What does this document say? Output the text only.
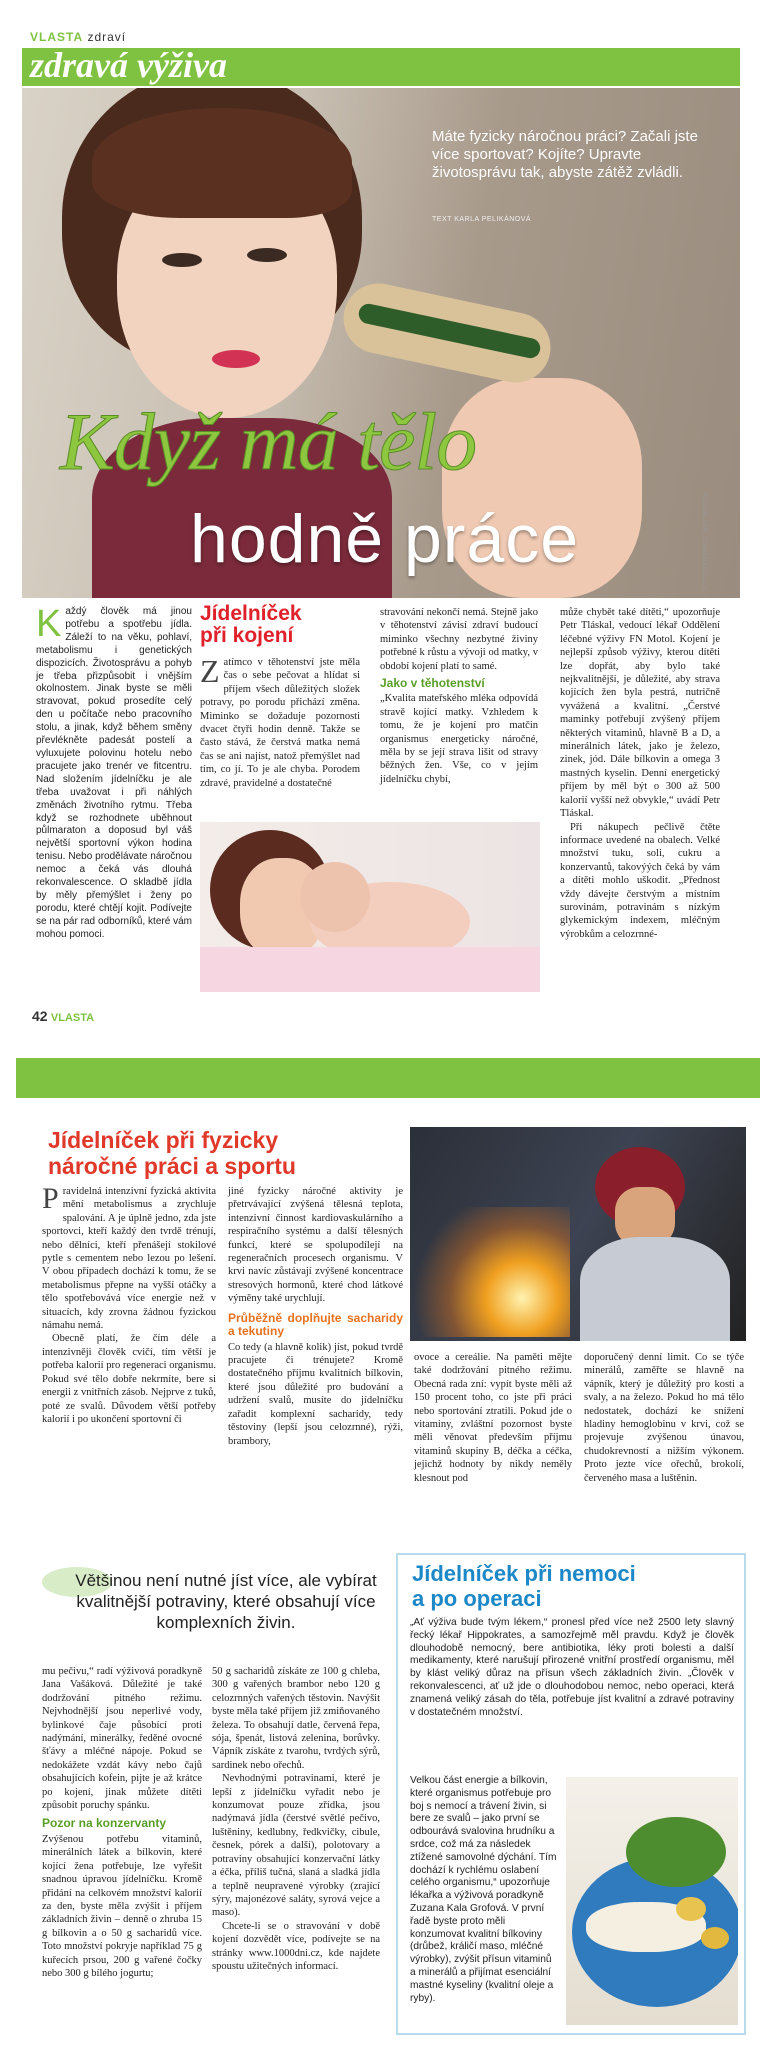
VLASTA zdraví
zdravá výživa
Máte fyzicky náročnou práci? Začali jste více sportovat? Kojíte? Upravte životosprávu tak, abyste zátěž zvládli.
TEXT KARLA PELIKÁNOVÁ
Když má tělo
hodně práce	FOTO PROFIMEDIA.CZ, SHUTTERSTOCK
K aždý člověk má jinou potřebu a spotřebu jídla. Záleží to na věku, pohlaví, metabolismu i genetických dispozicích. Životosprávu a pohyb je třeba přizpůsobit i vnějším okolnostem. Jinak byste se měli stravovat, pokud prosedíte celý den u počítače nebo pracovního stolu, a jinak, když během směny převlékněte padesát postelí a vyluxujete polovinu hotelu nebo pracujete jako trenér ve fitcentru. Nad složením jídelníčku je ale třeba uvažovat i při náhlých změnách životního rytmu. Třeba když se rozhodnete uběhnout půlmaraton a doposud byl váš největší sportovní výkon hodina tenisu. Nebo prodělávate náročnou nemoc a čeká vás dlouhá rekonvalescence. O skladbě jídla by měly přemýšlet i ženy po porodu, které chtějí kojit. Podívejte se na pár rad odborníků, které vám mohou pomoci.
Jídelníček
při kojení
Z atímco v těhotenství jste měla čas o sebe pečovat a hlídat si příjem všech důležitých složek potravy, po porodu přichází změna. Miminko se dožaduje pozornosti dvacet čtyři hodin denně. Takže se často stává, že čerstvá matka nemá čas se ani najíst, natož přemýšlet nad tím, co jí. To je ale chyba. Porodem zdravé, pravidelné a dostatečné

stravování nekončí nemá. Stejně jako v těhotenství závisí zdraví budoucí miminko všechny nezbytné živiny potřebné k růstu a vývoji od matky, v období kojení platí to samé.

Jako v těhotenství

„Kvalita mateřského mléka odpovídá stravě kojící matky. Vzhledem k tomu, že je kojení pro matčin organismus energeticky náročné, měla by se její strava lišit od stravy běžných žen. Vše, co v jejím jídelníčku chybí,

může chybět také dítěti,“ upozorňuje Petr Tláskal, vedoucí lékař Oddělení léčebné výživy FN Motol. Kojení je nejlepší způsob výživy, kterou dítěti lze dopřát, aby bylo také nejkvalitnější, je důležité, aby strava kojících žen byla pestrá, nutričně vyvážená a kvalitní. „Čerstvé maminky potřebují zvýšený příjem některých vitaminů, hlavně B a D, a minerálních látek, jako je železo, zinek, jód. Dále bílkovin a omega 3 mastných kyselin. Denní energetický příjem by měl být o 300 až 500 kalorií vyšší než obvykle,“ uvádí Petr Tláskal.

Při nákupech pečlivě čtěte informace uvedené na obalech. Velké množství tuku, soli, cukru a konzervantů, takovýých čeká by vám a dítěti mohlo uškodit. „Přednost vždy dávejte čerstvým a místním surovinám, potravinám s nízkým glykemickým indexem, mléčným výrobkům a celozrnné-

42 VLASTA
Jídelníček při fyzicky
náročné práci a sportu
P ravidelná intenzivní fyzická aktivita mění metabolismus a zrychluje spalování. A je úplně jedno, zda jste sportovci, kteří každý den tvrdě trénují, nebo dělníci, kteří přenášejí stokilové pytle s cementem nebo lezou po lešení. V obou případech dochází k tomu, že se metabolismus přepne na vyšší otáčky a tělo spotřebovává více energie než v situacích, kdy zrovna žádnou fyzickou námahu nemá.

Obecně platí, že čím déle a intenzivněji člověk cvičí, tím větší je potřeba kalorií pro regeneraci organismu. Pokud své tělo dobře nekrmíte, bere si energii z vnitřních zásob. Nejprve z tuků, poté ze svalů. Důvodem větší potřeby kalorií i po ukončení sportovní či

jiné fyzicky náročné aktivity je přetrvávající zvýšená tělesná teplota, intenzivní činnost kardiovaskulárního a respiračního systému a další tělesných funkcí, které se spolupodílejí na regeneračních procesech organismu. V krvi navíc zůstávají zvýšené koncentrace stresových hormonů, které chod látkové výměny také urychlují.

Průběžně doplňujte sacharidy a tekutiny

Co tedy (a hlavně kolik) jíst, pokud tvrdě pracujete či trénujete? Kromě dostatečného příjmu kvalitních bílkovin, které jsou důležité pro budování a udržení svalů, musíte do jídelníčku zařadit komplexní sacharidy, tedy těstoviny (lepší jsou celozrnné), rýži, brambory,

ovoce a cereálie. Na paměti mějte také dodržování pitného režimu. Obecná rada zní: vypít byste měli až 150 procent toho, co jste při práci nebo sportování ztratili. Pokud jde o vitaminy, zvláštní pozornost byste měli věnovat především příjmu vitaminů skupiny B, déčka a céčka, jejichž hodnoty by nikdy neměly klesnout pod

doporučený denní limit. Co se týče minerálů, zaměřte se hlavně na vápník, který je důležitý pro kosti a svaly, a na železo. Pokud ho má tělo nedostatek, dochází ke snížení hladiny hemoglobinu v krvi, což se projevuje zvýšenou únavou, chudokrevností a nižším výkonem. Proto jezte více ořechů, brokolí, červeného masa a luštěnin.

Většinou není nutné jíst více, ale vybírat kvalitnější potraviny, které obsahují více komplexních živin.

mu pečivu,“ radí výživová poradkyně Jana Vašáková. Důležité je také dodržování pitného režimu. Nejvhodnější jsou neperlivé vody, bylinkové čaje působící proti nadýmání, minerálky, ředěné ovocné šťávy a mléčné nápoje. Pokud se nedokážete vzdát kávy nebo čajů obsahujících kofein, pijte je až krátce po kojení, jinak můžete dítěti způsobit poruchy spánku.

Pozor na konzervanty

Zvýšenou potřebu vitaminů, minerálních látek a bílkovin, které kojící žena potřebuje, lze vyřešit snadnou úpravou jídelníčku. Kromě přidání na celkovém množství kalorií za den, byste měla zvýšit i příjem základních živin – denně o zhruba 15 g bílkovin a o 50 g sacharidů více. Toto množství pokryje například 75 g kuřecích prsou, 200 g vařené čočky nebo 300 g bílého jogurtu;

50 g sacharidů získáte ze 100 g chleba, 300 g vařených brambor nebo 120 g celozrnných vařených těstovin. Navýšit byste měla také příjem již zmiňovaného železa. To obsahují datle, červená řepa, sója, špenát, listová zelenina, borůvky. Vápník získáte z tvarohu, tvrdých sýrů, sardinek nebo ořechů.

Nevhodnými potravinami, které je lepší z jídelníčku vyřadit nebo je konzumovat pouze zřídka, jsou nadýmavá jídla (čerstvé světlé pečivo, luštěniny, kedlubny, ředkvičky, cibule, česnek, pórek a další), polotovary a potraviny obsahující konzervační látky a éčka, příliš tučná, slaná a sladká jídla a teplně neupravené výrobky (zrající sýry, majonézové saláty, syrová vejce a maso).

Chcete-li se o stravování v době kojení dozvědět více, podívejte se na stránky www.1000dni.cz, kde najdete spoustu užitečných informací.

Jídelníček při nemoci
a po operaci
„Ať výživa bude tvým lékem,“ pronesl před více než 2500 lety slavný řecký lékař Hippokrates, a samozřejmě měl pravdu. Když je člověk dlouhodobě nemocný, bere antibiotika, léky proti bolesti a další medikamenty, které narušují přirozené vnitřní prostředí organismu, měl by klást veliký důraz na přísun všech základních živin. „Člověk v rekonvalescenci, ať už jde o dlouhodobou nemoc, nebo operaci, která znamená veliký zásah do těla, potřebuje jíst kvalitní a zdravé potraviny v dostatečném množství.
Velkou část energie a bílkovin, které organismus potřebuje pro boj s nemocí a trávení živin, si bere ze svalů – jako první se odbourává svalovina hrudníku a srdce, což má za následek ztížené samovolné dýchání. Tím dochází k rychlému oslabení celého organismu,“ upozorňuje lékařka a výživová poradkyně Zuzana Kala Grofová. V první řadě byste proto měli konzumovat kvalitní bílkoviny (drůbež, králičí maso, mléčné výrobky), zvýšit přísun vitaminů a minerálů a přijímat esenciální mastné kyseliny (kvalitní oleje a ryby).
